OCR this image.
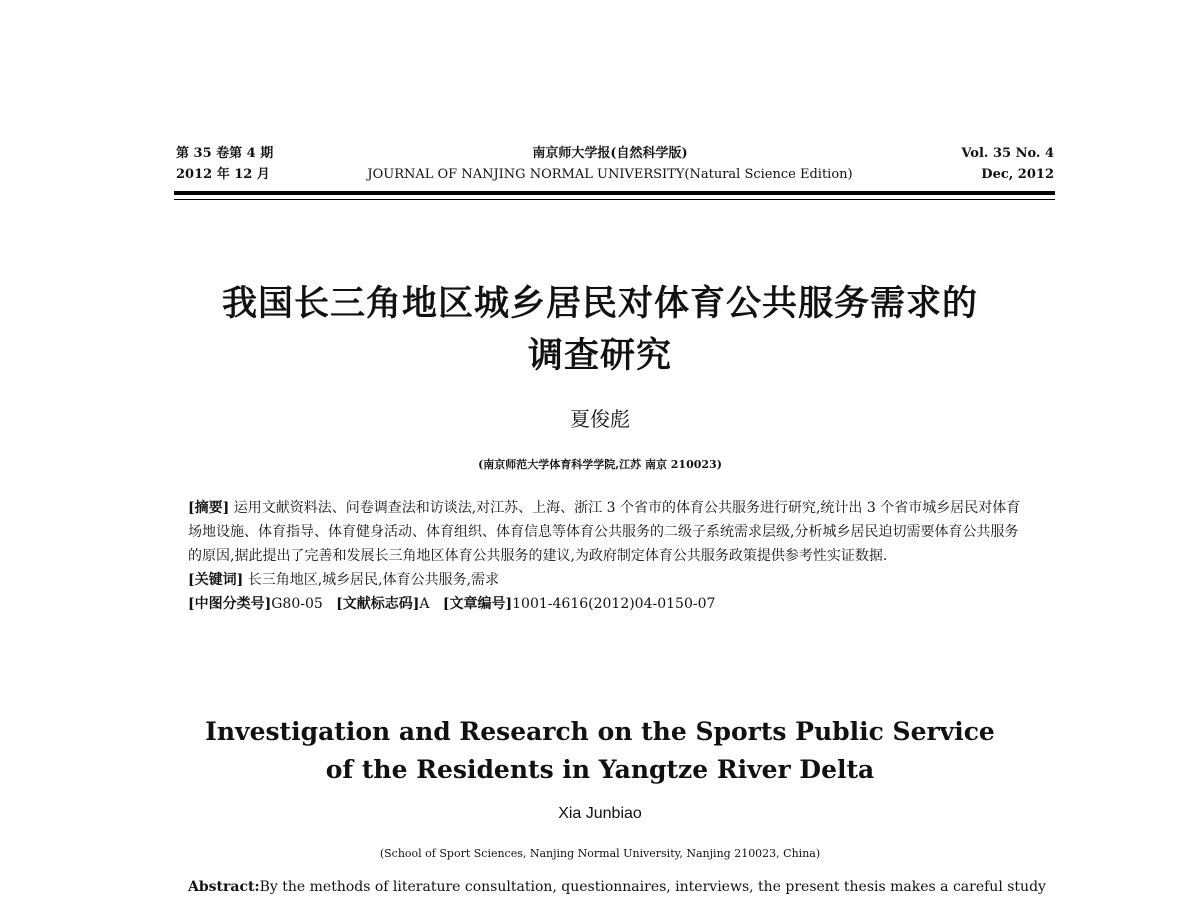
第 35 卷第 4 期
2012 年 12 月
南京师大学报(自然科学版)
JOURNAL OF NANJING NORMAL UNIVERSITY(Natural Science Edition)
Vol. 35 No. 4
Dec, 2012
我国长三角地区城乡居民对体育公共服务需求的
调查研究
夏俊彪
(南京师范大学体育科学学院,江苏 南京 210023)

[摘要] 运用文献资料法、问卷调查法和访谈法,对江苏、上海、浙江 3 个省市的体育公共服务进行研究,统计出 3 个省市城乡居民对体育场地设施、体育指导、体育健身活动、体育组织、体育信息等体育公共服务的二级子系统需求层级,分析城乡居民迫切需要体育公共服务的原因,据此提出了完善和发展长三角地区体育公共服务的建议,为政府制定体育公共服务政策提供参考性实证数据.

[关键词] 长三角地区,城乡居民,体育公共服务,需求

[中图分类号]G80-05 [文献标志码]A [文章编号]1001-4616(2012)04-0150-07

Investigation and Research on the Sports Public Service
of the Residents in Yangtze River Delta
Xia Junbiao
(School of Sport Sciences, Nanjing Normal University, Nanjing 210023, China)
Abstract:By the methods of literature consultation, questionnaires, interviews, the present thesis makes a careful study
